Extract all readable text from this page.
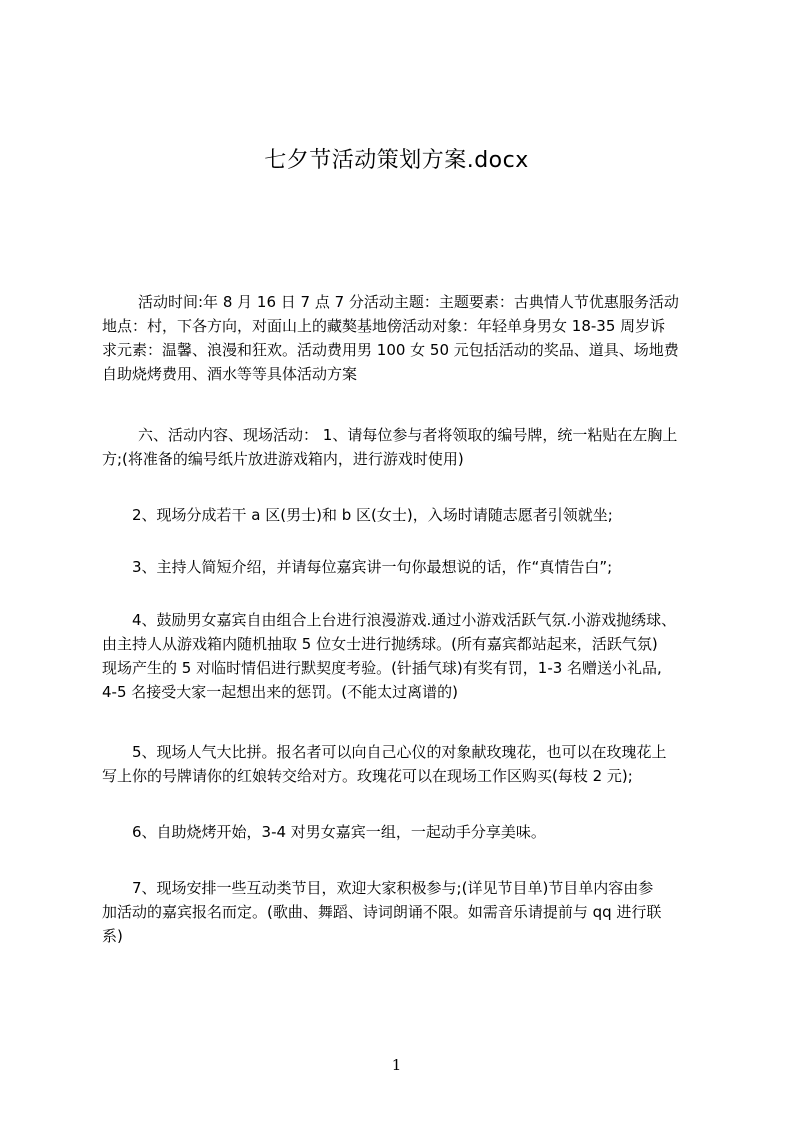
七夕节活动策划方案.docx
活动时间:年 8 月 16 日 7 点 7 分活动主题：主题要素：古典情人节优惠服务活动
地点：村，下各方向，对面山上的藏獒基地傍活动对象：年轻单身男女 18-35 周岁诉
求元素：温馨、浪漫和狂欢。活动费用男 100 女 50 元包括活动的奖品、道具、场地费
自助烧烤费用、酒水等等具体活动方案
六、活动内容、现场活动： 1、请每位参与者将领取的编号牌，统一粘贴在左胸上
方;(将准备的编号纸片放进游戏箱内，进行游戏时使用)
2、现场分成若干 a 区(男士)和 b 区(女士)，入场时请随志愿者引领就坐;
3、主持人简短介绍，并请每位嘉宾讲一句你最想说的话，作“真情告白”;
4、鼓励男女嘉宾自由组合上台进行浪漫游戏.通过小游戏活跃气氛.小游戏抛绣球、
由主持人从游戏箱内随机抽取 5 位女士进行抛绣球。(所有嘉宾都站起来，活跃气氛)
现场产生的 5 对临时情侣进行默契度考验。(针插气球)有奖有罚，1-3 名赠送小礼品,
4-5 名接受大家一起想出来的惩罚。(不能太过离谱的)
5、现场人气大比拼。报名者可以向自己心仪的对象献玫瑰花，也可以在玫瑰花上
写上你的号牌请你的红娘转交给对方。玫瑰花可以在现场工作区购买(每枝 2 元);
6、自助烧烤开始，3-4 对男女嘉宾一组，一起动手分享美味。
7、现场安排一些互动类节目，欢迎大家积极参与;(详见节目单)节目单内容由参
加活动的嘉宾报名而定。(歌曲、舞蹈、诗词朗诵不限。如需音乐请提前与 qq 进行联
系)
1
